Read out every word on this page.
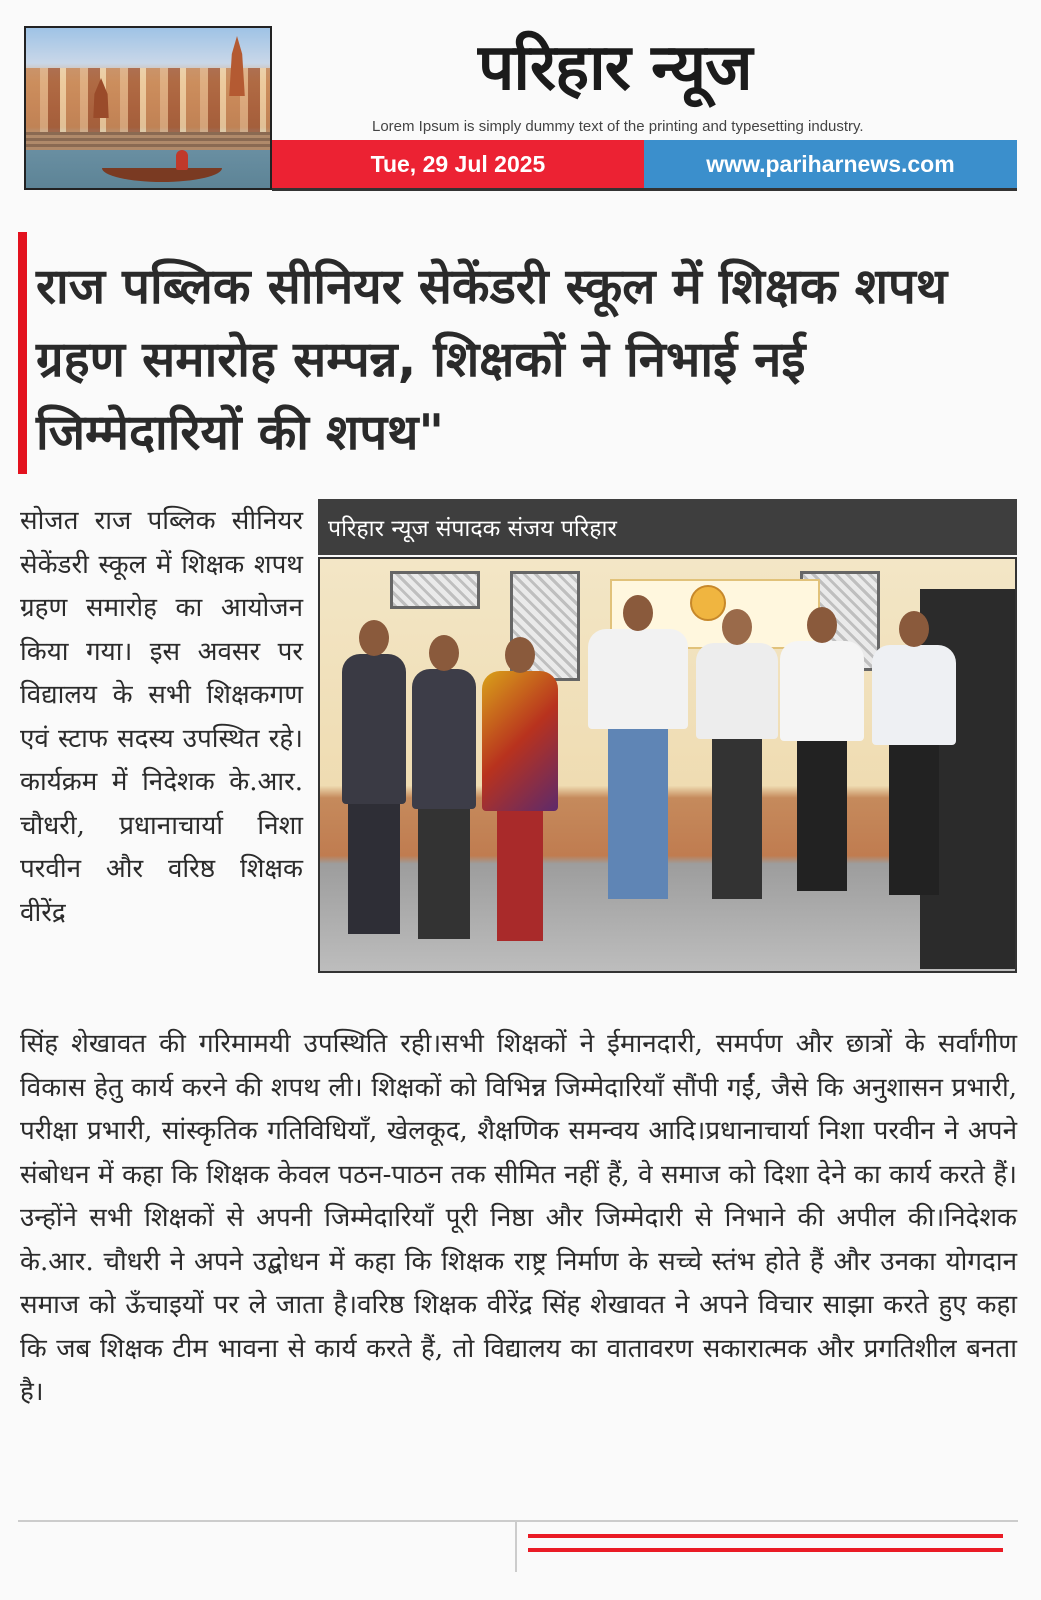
परिहार न्यूज
Lorem Ipsum is simply dummy text of the printing and typesetting industry.
Tue, 29 Jul 2025	www.pariharnews.com
राज पब्लिक सीनियर सेकेंडरी स्कूल में शिक्षक शपथ ग्रहण समारोह सम्पन्न, शिक्षकों ने निभाई नई जिम्मेदारियों की शपथ"

सोजत राज पब्लिक सीनियर सेकेंडरी स्कूल में शिक्षक शपथ ग्रहण समारोह का आयोजन किया गया। इस अवसर पर विद्यालय के सभी शिक्षकगण एवं स्टाफ सदस्य उपस्थित रहे। कार्यक्रम में निदेशक के.आर. चौधरी, प्रधानाचार्या निशा परवीन और वरिष्ठ शिक्षक वीरेंद्र

परिहार न्यूज संपादक संजय परिहार

सिंह शेखावत की गरिमामयी उपस्थिति रही।सभी शिक्षकों ने ईमानदारी, समर्पण और छात्रों के सर्वांगीण विकास हेतु कार्य करने की शपथ ली। शिक्षकों को विभिन्न जिम्मेदारियाँ सौंपी गईं, जैसे कि अनुशासन प्रभारी, परीक्षा प्रभारी, सांस्कृतिक गतिविधियाँ, खेलकूद, शैक्षणिक समन्वय आदि।प्रधानाचार्या निशा परवीन ने अपने संबोधन में कहा कि शिक्षक केवल पठन-पाठन तक सीमित नहीं हैं, वे समाज को दिशा देने का कार्य करते हैं। उन्होंने सभी शिक्षकों से अपनी जिम्मेदारियाँ पूरी निष्ठा और जिम्मेदारी से निभाने की अपील की।निदेशक के.आर. चौधरी ने अपने उद्बोधन में कहा कि शिक्षक राष्ट्र निर्माण के सच्चे स्तंभ होते हैं और उनका योगदान समाज को ऊँचाइयों पर ले जाता है।वरिष्ठ शिक्षक वीरेंद्र सिंह शेखावत ने अपने विचार साझा करते हुए कहा कि जब शिक्षक टीम भावना से कार्य करते हैं, तो विद्यालय का वातावरण सकारात्मक और प्रगतिशील बनता है।
